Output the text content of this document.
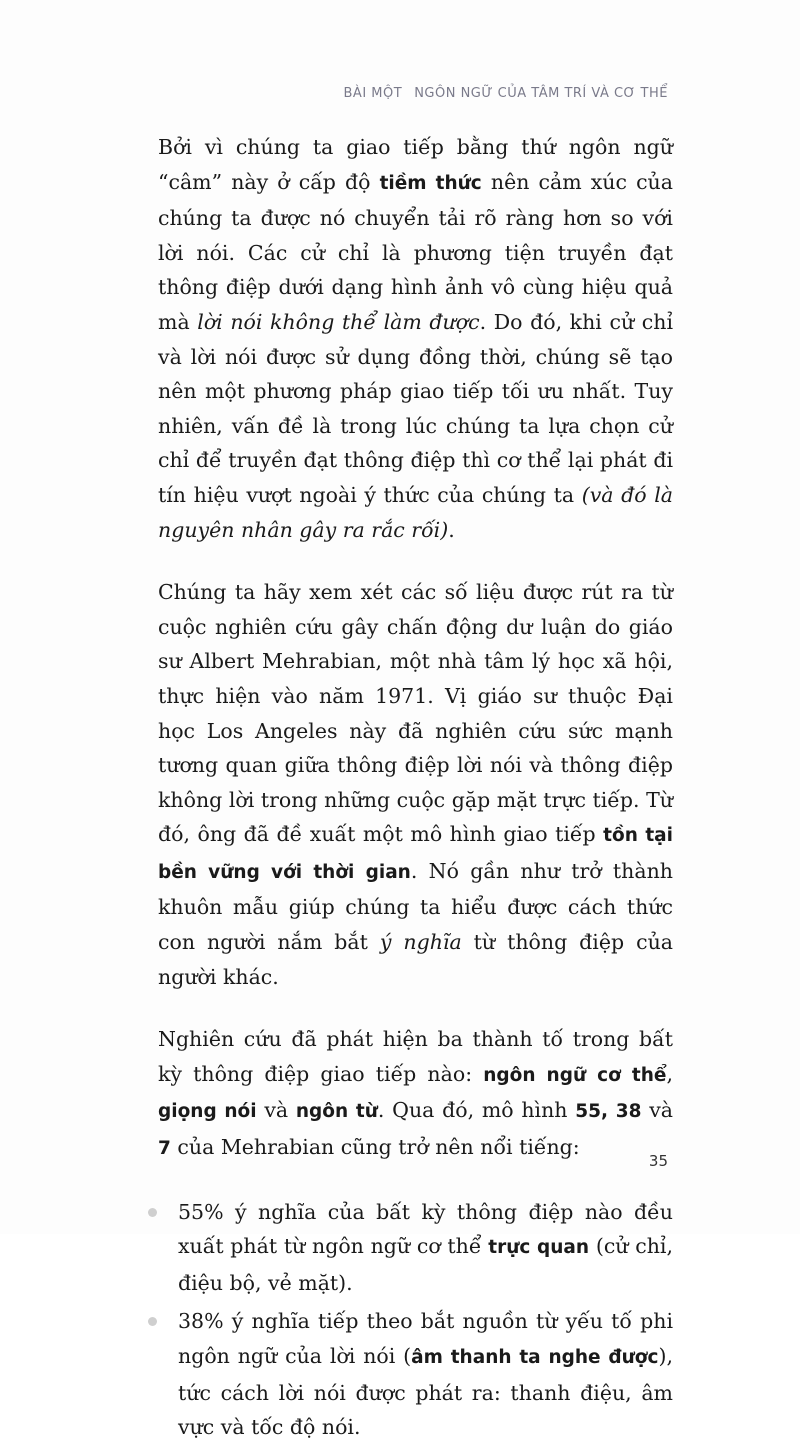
BÀI MỘT NGÔN NGỮ CỦA TÂM TRÍ VÀ CƠ THỂ

Bởi vì chúng ta giao tiếp bằng thứ ngôn ngữ “câm” này ở cấp độ tiềm thức nên cảm xúc của chúng ta được nó chuyển tải rõ ràng hơn so với lời nói. Các cử chỉ là phương tiện truyền đạt thông điệp dưới dạng hình ảnh vô cùng hiệu quả mà lời nói không thể làm được. Do đó, khi cử chỉ và lời nói được sử dụng đồng thời, chúng sẽ tạo nên một phương pháp giao tiếp tối ưu nhất. Tuy nhiên, vấn đề là trong lúc chúng ta lựa chọn cử chỉ để truyền đạt thông điệp thì cơ thể lại phát đi tín hiệu vượt ngoài ý thức của chúng ta (và đó là nguyên nhân gây ra rắc rối).

Chúng ta hãy xem xét các số liệu được rút ra từ cuộc nghiên cứu gây chấn động dư luận do giáo sư Albert Mehrabian, một nhà tâm lý học xã hội, thực hiện vào năm 1971. Vị giáo sư thuộc Đại học Los Angeles này đã nghiên cứu sức mạnh tương quan giữa thông điệp lời nói và thông điệp không lời trong những cuộc gặp mặt trực tiếp. Từ đó, ông đã đề xuất một mô hình giao tiếp tồn tại bền vững với thời gian. Nó gần như trở thành khuôn mẫu giúp chúng ta hiểu được cách thức con người nắm bắt ý nghĩa từ thông điệp của người khác.

Nghiên cứu đã phát hiện ba thành tố trong bất kỳ thông điệp giao tiếp nào: ngôn ngữ cơ thể, giọng nói và ngôn từ. Qua đó, mô hình 55, 38 và 7 của Mehrabian cũng trở nên nổi tiếng:

55% ý nghĩa của bất kỳ thông điệp nào đều xuất phát từ ngôn ngữ cơ thể trực quan (cử chỉ, điệu bộ, vẻ mặt).
38% ý nghĩa tiếp theo bắt nguồn từ yếu tố phi ngôn ngữ của lời nói (âm thanh ta nghe được), tức cách lời nói được phát ra: thanh điệu, âm vực và tốc độ nói.
35
